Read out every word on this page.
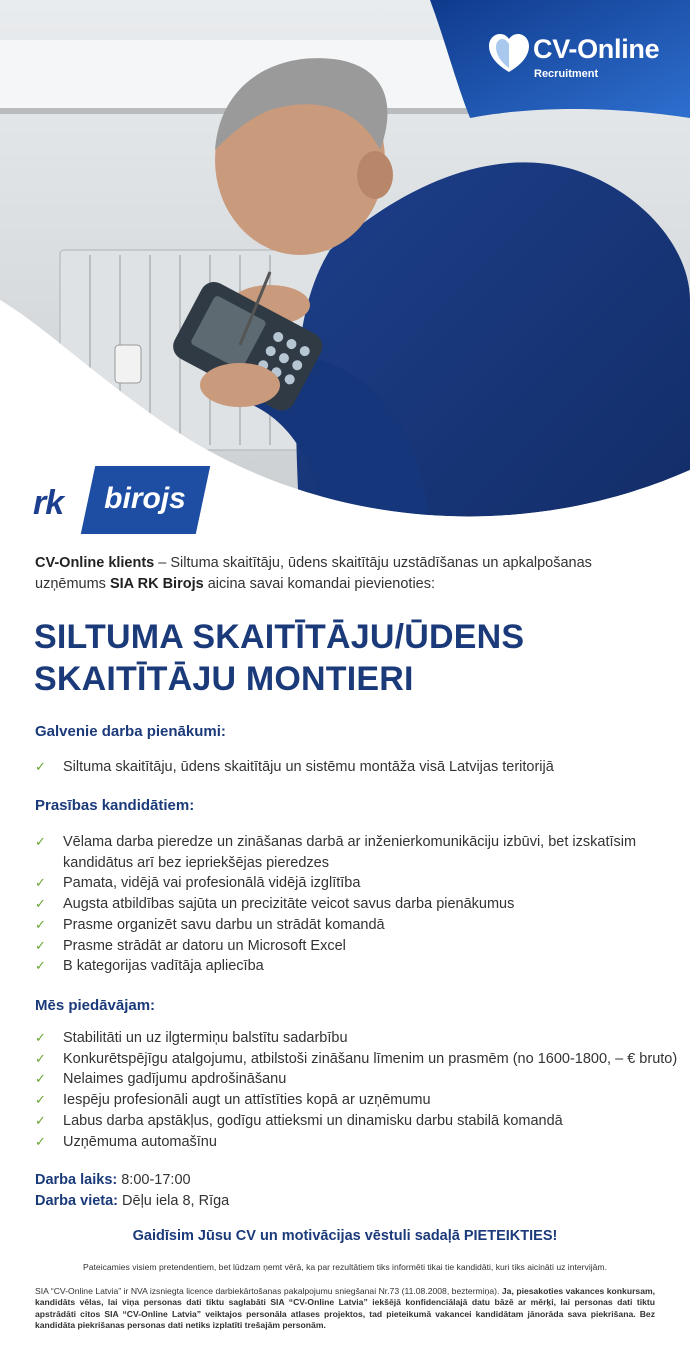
CV-Online
Recruitment
rk	birojs
CV-Online klients – Siltuma skaitītāju, ūdens skaitītāju uzstādīšanas un apkalpošanas uzņēmums SIA RK Birojs aicina savai komandai pievienoties:
SILTUMA SKAITĪTĀJU/ŪDENS SKAITĪTĀJU MONTIERI
Galvenie darba pienākumi:
✓ Siltuma skaitītāju, ūdens skaitītāju un sistēmu montāža visā Latvijas teritorijā
Prasības kandidātiem:
✓ Vēlama darba pieredze un zināšanas darbā ar inženierkomunikāciju izbūvi, bet izskatīsim kandidātus arī bez iepriekšējas pieredzes
✓ Pamata, vidējā vai profesionālā vidējā izglītība
✓ Augsta atbildības sajūta un precizitāte veicot savus darba pienākumus
✓ Prasme organizēt savu darbu un strādāt komandā
✓ Prasme strādāt ar datoru un Microsoft Excel
✓ B kategorijas vadītāja apliecība
Mēs piedāvājam:
✓ Stabilitāti un uz ilgtermiņu balstītu sadarbību
✓ Konkurētspējīgu atalgojumu, atbilstoši zināšanu līmenim un prasmēm (no 1600-1800, – € bruto)
✓ Nelaimes gadījumu apdrošināšanu
✓ Iespēju profesionāli augt un attīstīties kopā ar uzņēmumu
✓ Labus darba apstākļus, godīgu attieksmi un dinamisku darbu stabilā komandā
✓ Uzņēmuma automašīnu
Darba laiks: 8:00-17:00
Darba vieta: Dēļu iela 8, Rīga
Gaidīsim Jūsu CV un motivācijas vēstuli sadaļā PIETEIKTIES!
Pateicamies visiem pretendentiem, bet lūdzam ņemt vērā, ka par rezultātiem tiks informēti tikai tie kandidāti, kuri tiks aicināti uz intervijām.
SIA “CV-Online Latvia” ir NVA izsniegta licence darbiekārtošanas pakalpojumu sniegšanai Nr.73 (11.08.2008, beztermiņa). Ja, piesakoties vakances konkursam, kandidāts vēlas, lai viņa personas dati tiktu saglabāti SIA “CV-Online Latvia” iekšējā konfidenciālajā datu bāzē ar mērķi, lai personas dati tiktu apstrādāti citos SIA “CV-Online Latvia” veiktajos personāla atlases projektos, tad pieteikumā vakancei kandidātam jānorāda sava piekrišana. Bez kandidāta piekrišanas personas dati netiks izplatīti trešajām personām.
